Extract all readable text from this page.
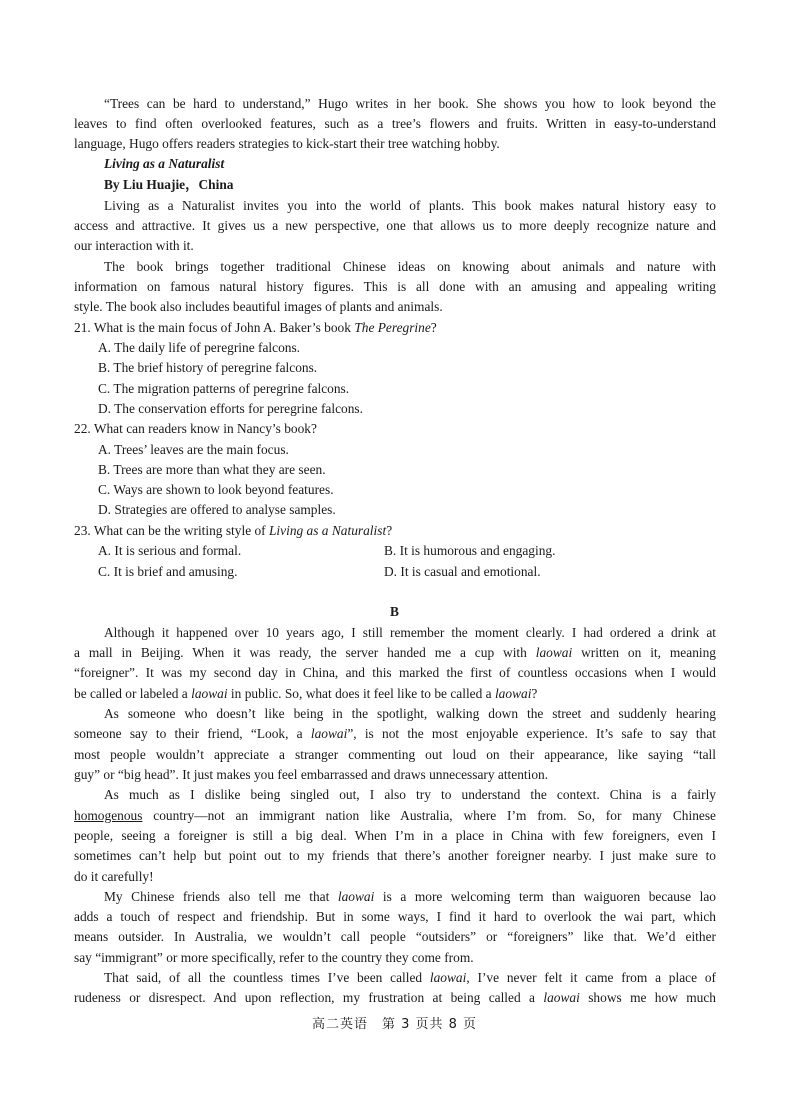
“Trees can be hard to understand,” Hugo writes in her book. She shows you how to look beyond the
leaves to find often overlooked features, such as a tree’s flowers and fruits. Written in easy-to-understand
language, Hugo offers readers strategies to kick-start their tree watching hobby.
Living as a Naturalist
By Liu Huajie，China
Living as a Naturalist invites you into the world of plants. This book makes natural history easy to
access and attractive. It gives us a new perspective, one that allows us to more deeply recognize nature and
our interaction with it.
The book brings together traditional Chinese ideas on knowing about animals and nature with
information on famous natural history figures. This is all done with an amusing and appealing writing
style. The book also includes beautiful images of plants and animals.
21. What is the main focus of John A. Baker’s book The Peregrine?
A. The daily life of peregrine falcons.
B. The brief history of peregrine falcons.
C. The migration patterns of peregrine falcons.
D. The conservation efforts for peregrine falcons.
22. What can readers know in Nancy’s book?
A. Trees’ leaves are the main focus.
B. Trees are more than what they are seen.
C. Ways are shown to look beyond features.
D. Strategies are offered to analyse samples.
23. What can be the writing style of Living as a Naturalist?
A. It is serious and formal.	B. It is humorous and engaging.
C. It is brief and amusing.	D. It is casual and emotional.
B
Although it happened over 10 years ago, I still remember the moment clearly. I had ordered a drink at
a mall in Beijing. When it was ready, the server handed me a cup with laowai written on it, meaning
“foreigner”. It was my second day in China, and this marked the first of countless occasions when I would
be called or labeled a laowai in public. So, what does it feel like to be called a laowai?
As someone who doesn’t like being in the spotlight, walking down the street and suddenly hearing
someone say to their friend, “Look, a laowai”, is not the most enjoyable experience. It’s safe to say that
most people wouldn’t appreciate a stranger commenting out loud on their appearance, like saying “tall
guy” or “big head”. It just makes you feel embarrassed and draws unnecessary attention.
As much as I dislike being singled out, I also try to understand the context. China is a fairly
homogenous country—not an immigrant nation like Australia, where I’m from. So, for many Chinese
people, seeing a foreigner is still a big deal. When I’m in a place in China with few foreigners, even I
sometimes can’t help but point out to my friends that there’s another foreigner nearby. I just make sure to
do it carefully!
My Chinese friends also tell me that laowai is a more welcoming term than waiguoren because lao
adds a touch of respect and friendship. But in some ways, I find it hard to overlook the wai part, which
means outsider. In Australia, we wouldn’t call people “outsiders” or “foreigners” like that. We’d either
say “immigrant” or more specifically, refer to the country they come from.
That said, of all the countless times I’ve been called laowai, I’ve never felt it came from a place of
rudeness or disrespect. And upon reflection, my frustration at being called a laowai shows me how much
高二英语　第 3 页共 8 页
